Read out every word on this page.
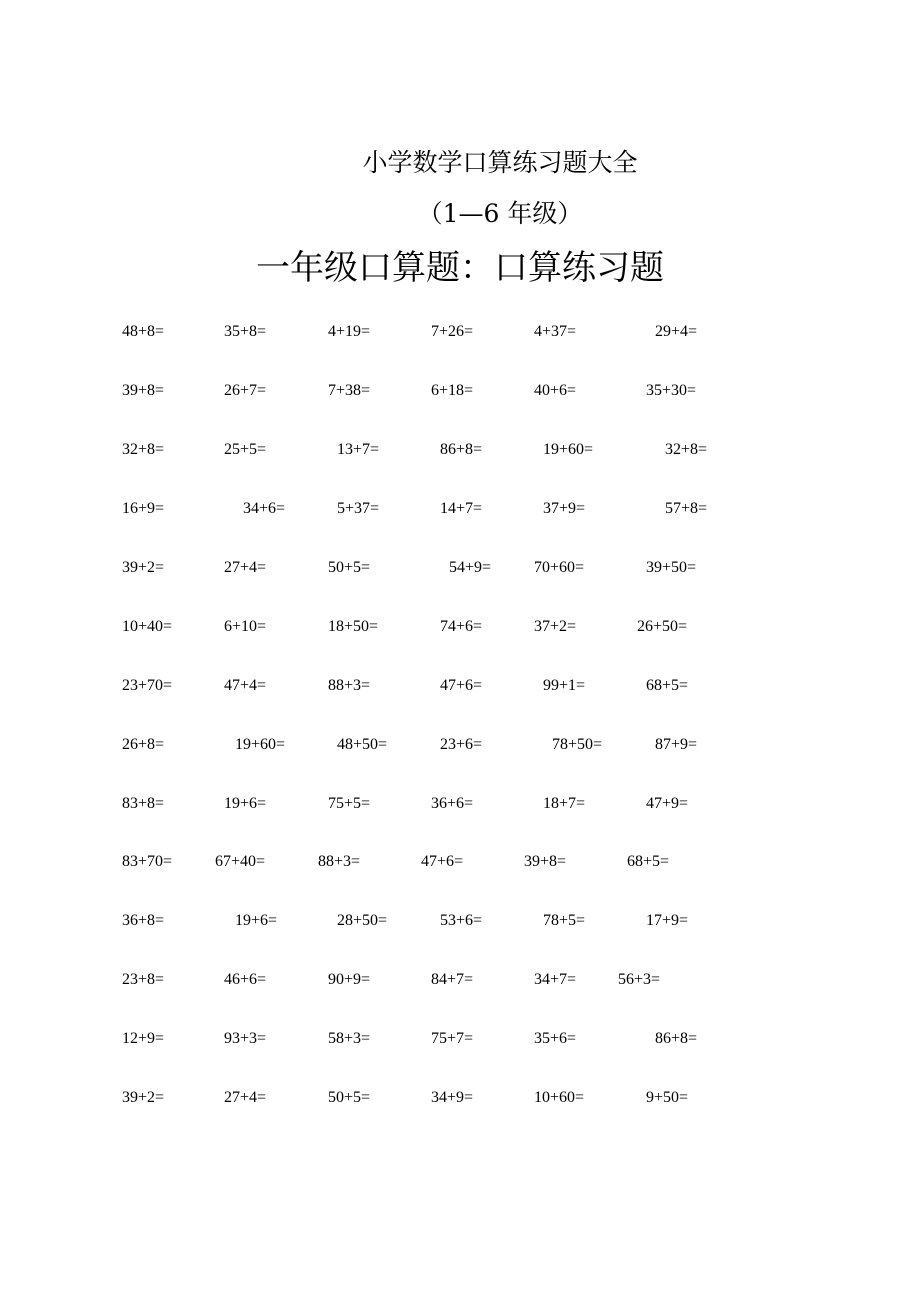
小学数学口算练习题大全
（1—6 年级）
一年级口算题：口算练习题
48+8=	35+8=	4+19=	7+26=	4+37=	29+4=
39+8=	26+7=	7+38=	6+18=	40+6=	35+30=
32+8=	25+5=	13+7=	86+8=	19+60=	32+8=
16+9=	34+6=	5+37=	14+7=	37+9=	57+8=
39+2=	27+4=	50+5=	54+9=	70+60=	39+50=
10+40=	6+10=	18+50=	74+6=	37+2=	26+50=
23+70=	47+4=	88+3=	47+6=	99+1=	68+5=
26+8=	19+60=	48+50=	23+6=	78+50=	87+9=
83+8=	19+6=	75+5=	36+6=	18+7=	47+9=
83+70=	67+40=	88+3=	47+6=	39+8=	68+5=
36+8=	19+6=	28+50=	53+6=	78+5=	17+9=
23+8=	46+6=	90+9=	84+7=	34+7=	56+3=
12+9=	93+3=	58+3=	75+7=	35+6=	86+8=
39+2=	27+4=	50+5=	34+9=	10+60=	9+50=
